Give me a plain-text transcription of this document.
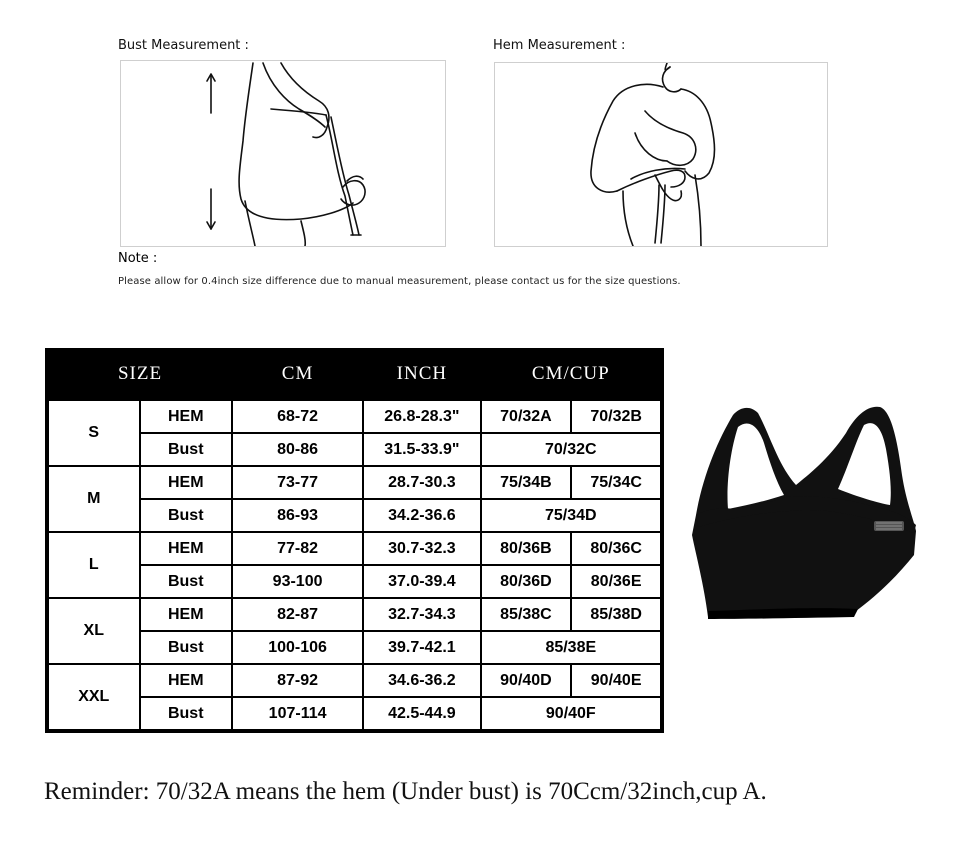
Bust Measurement :	Hem Measurement :
Note :
Please allow for 0.4inch size difference due to manual measurement, please contact us for the size questions.
SIZE		CM	INCH	CM/CUP	
S	HEM	68-72	26.8-28.3"	70/32A	70/32B
	Bust	80-86	31.5-33.9"	70/32C	
M	HEM	73-77	28.7-30.3	75/34B	75/34C
	Bust	86-93	34.2-36.6	75/34D	
L	HEM	77-82	30.7-32.3	80/36B	80/36C
	Bust	93-100	37.0-39.4	80/36D	80/36E
XL	HEM	82-87	32.7-34.3	85/38C	85/38D
	Bust	100-106	39.7-42.1	85/38E	
XXL	HEM	87-92	34.6-36.2	90/40D	90/40E
	Bust	107-114	42.5-44.9	90/40F	
Reminder: 70/32A means the hem (Under bust) is 70Ccm/32inch,cup A.
